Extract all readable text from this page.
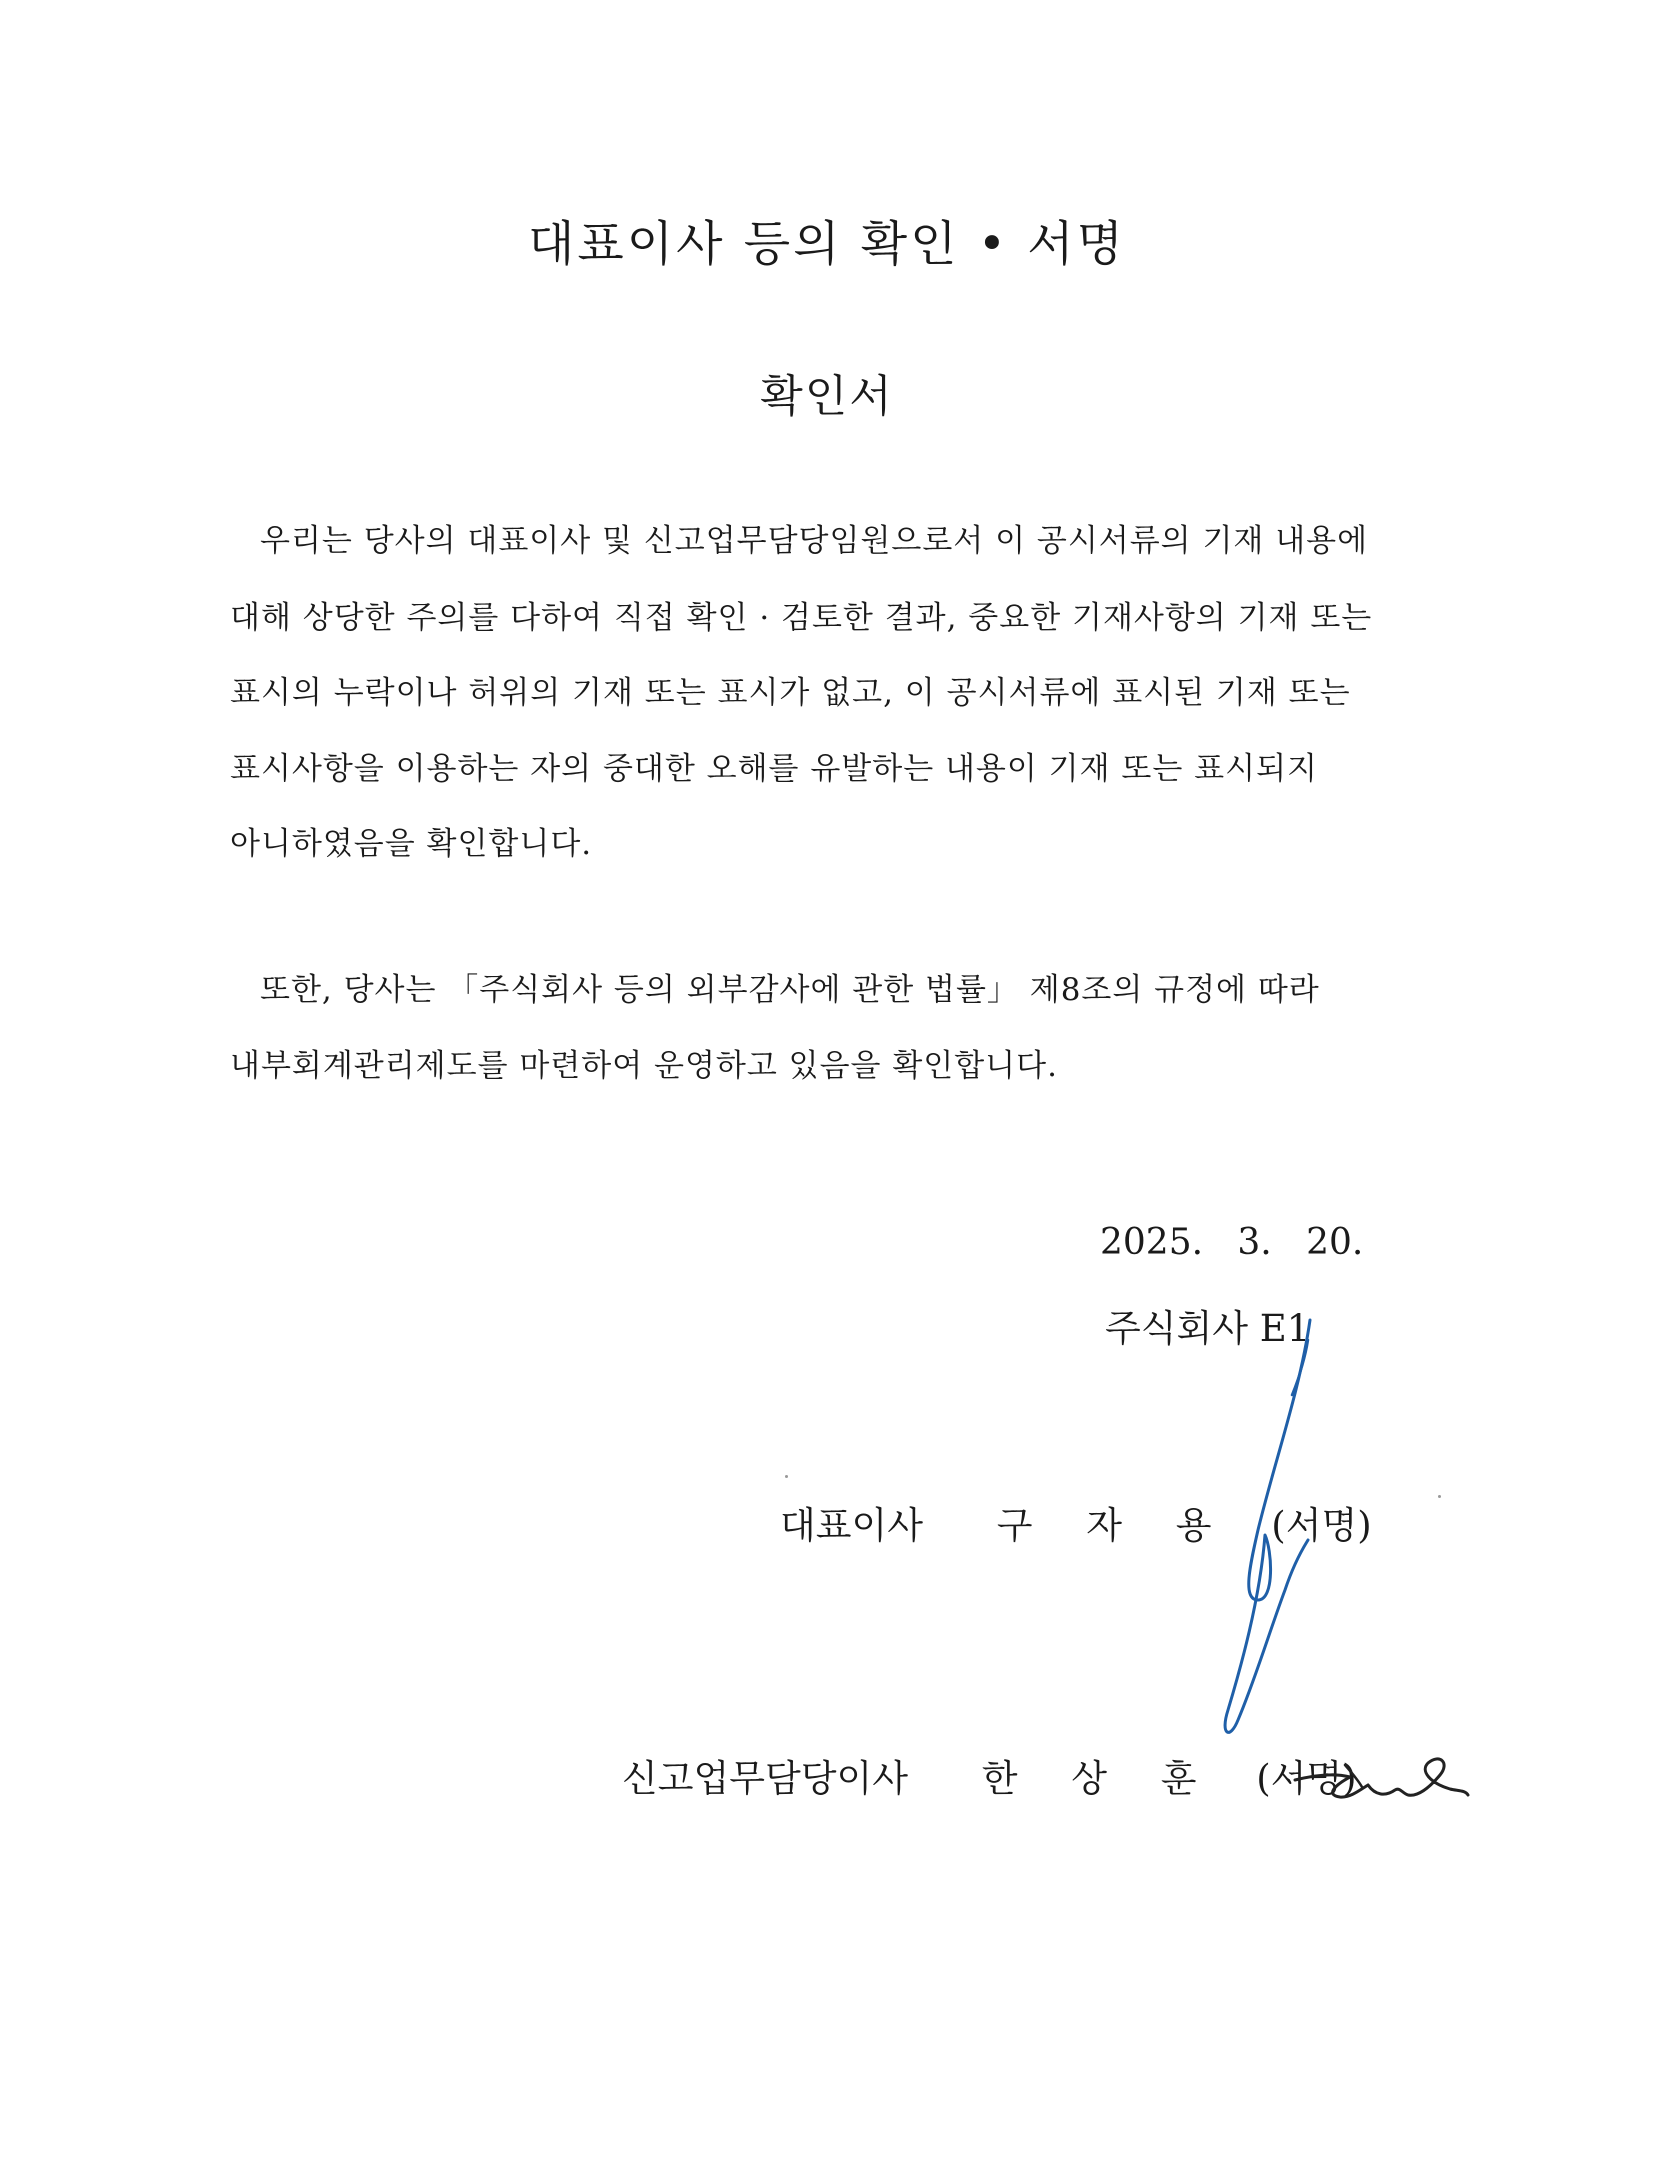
대표이사 등의 확인 • 서명
확인서
우리는 당사의 대표이사 및 신고업무담당임원으로서 이 공시서류의 기재 내용에
대해 상당한 주의를 다하여 직접 확인 · 검토한 결과, 중요한 기재사항의 기재 또는
표시의 누락이나 허위의 기재 또는 표시가 없고, 이 공시서류에 표시된 기재 또는
표시사항을 이용하는 자의 중대한 오해를 유발하는 내용이 기재 또는 표시되지
아니하였음을 확인합니다.
또한, 당사는 「주식회사 등의 외부감사에 관한 법률」 제8조의 규정에 따라
내부회계관리제도를 마련하여 운영하고 있음을 확인합니다.
2025.   3.   20.
주식회사 E1
대표이사 구 자 용 (서명)
신고업무담당이사 한 상 훈 (서명)
